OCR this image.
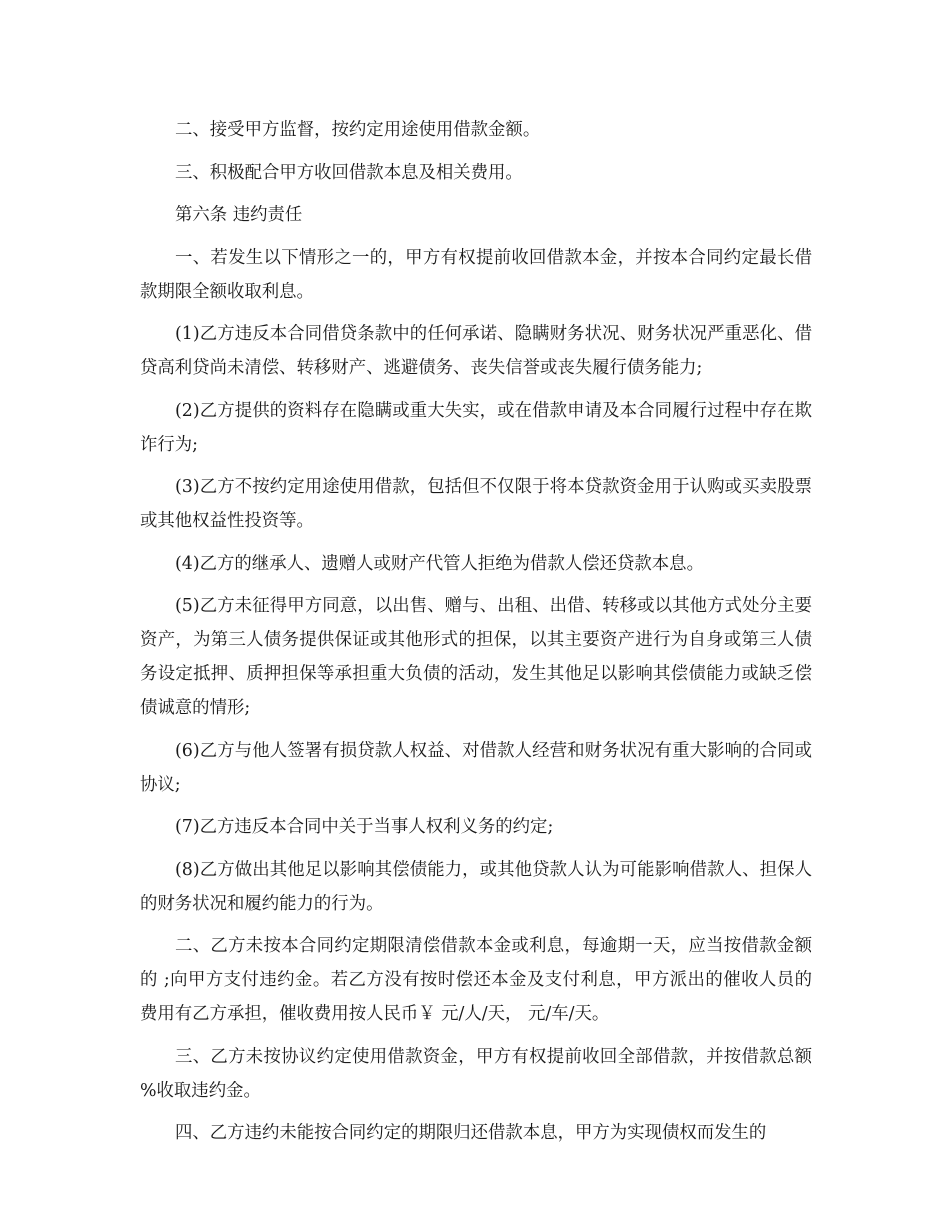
二、接受甲方监督，按约定用途使用借款金额。

三、积极配合甲方收回借款本息及相关费用。

第六条 违约责任

一、若发生以下情形之一的，甲方有权提前收回借款本金，并按本合同约定最长借款期限全额收取利息。

(1)乙方违反本合同借贷条款中的任何承诺、隐瞒财务状况、财务状况严重恶化、借贷高利贷尚未清偿、转移财产、逃避债务、丧失信誉或丧失履行债务能力;

(2)乙方提供的资料存在隐瞒或重大失实，或在借款申请及本合同履行过程中存在欺诈行为;

(3)乙方不按约定用途使用借款，包括但不仅限于将本贷款资金用于认购或买卖股票或其他权益性投资等。

(4)乙方的继承人、遗赠人或财产代管人拒绝为借款人偿还贷款本息。

(5)乙方未征得甲方同意，以出售、赠与、出租、出借、转移或以其他方式处分主要资产，为第三人债务提供保证或其他形式的担保，以其主要资产进行为自身或第三人债务设定抵押、质押担保等承担重大负债的活动，发生其他足以影响其偿债能力或缺乏偿债诚意的情形;

(6)乙方与他人签署有损贷款人权益、对借款人经营和财务状况有重大影响的合同或协议;

(7)乙方违反本合同中关于当事人权利义务的约定;

(8)乙方做出其他足以影响其偿债能力，或其他贷款人认为可能影响借款人、担保人的财务状况和履约能力的行为。

二、乙方未按本合同约定期限清偿借款本金或利息，每逾期一天，应当按借款金额的 ;向甲方支付违约金。若乙方没有按时偿还本金及支付利息，甲方派出的催收人员的费用有乙方承担，催收费用按人民币￥ 元/人/天， 元/车/天。

三、乙方未按协议约定使用借款资金，甲方有权提前收回全部借款，并按借款总额 %收取违约金。

四、乙方违约未能按合同约定的期限归还借款本息，甲方为实现债权而发生的
